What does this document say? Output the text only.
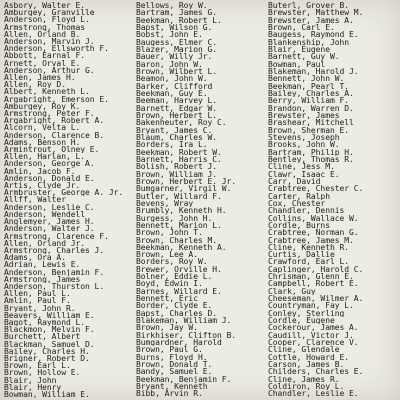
Asbory, Walter E.
Amburgey, Granville
Anderson, Floyd L.
Armstrong, Thomas
Allen, Orland B.
Anderson, Marvin J.
Anderson, Ellsworth F.
Abbott, Earnal F.
Arnett, Orval E.
Anderson, Arthur G.
Allen, James H.
Allen, Roy D.
Albert, Kenneth L.
Argabright, Emerson E.
Amburgey, Roy K.
Armstrong, Peter F.
Argabright, Robert A.
Alcorn, Velta L.
Anderson, Clarence B.
Adams, Benson H.
Armintrout, Olney E.
Allen, Harlan, L.
Anderson, George A.
Amlin, Jacob F.
Anderson, Donald E.
Artis, Clyde Jr.
Armbruster, George A. Jr.
Allff, Walter
Anderson, Leslie C.
Anderson, Wendell
Anglemyer, James H.
Anderson, Walter J.
Armstrong, Clarence F.
Allen, Orland Jr.
Armstrong, Charles J.
Adams, Ora A.
Adrian, Lewis E.
Anderson, Benjamin F.
Armstrong, James
Anderson, Thurston L.
Allen, Paul L.
Amlin, Paul F.
Bryant, John R.
Beavers, William E.
Bagot, Raymond L.
Blackmon, Melvin F.
Burchett, Albert
Blackman, Samuel D.
Bailey, Charles H.
Brigner, Robert D.
Brown, Earl L.
Brown, Hollow E.
Blair, John
Blair, Henry
Bowman, William E.
Bellows, Roy W.
Bartram, James G.
Beekman, Robert L.
Bapst, Wilson G.
Bobst, John E.
Baugess, Elmer C.
Blazer, Marion G.
Bauer, Willy Jr.
Baron, John W.
Brown, Wilbert L.
Beamon, John W.
Barker, Clifford
Beekman, Guy E.
Beeman, Harvey L.
Barnett, Edgar W.
Brown, Herbert L.
Bakenheuter, Roy C.
Bryant, James C.
Blaum, Charles W.
Borders, Ira L.
Beekman, Robert W.
Barnett, Harris C.
Bolish, Robert J.
Brown, William J.
Brown, Herbert E. Jr.
Bumgarner, Virgil W.
Butler, Willard F.
Bevens, Wray
Brumbly, Kenneth H.
Burgess, John H.
Bennett, Marion L.
Brown, John T.
Brown, Charles M.
Beekman, Kenneth A.
Brown, Lee A.
Borders, Roy W.
Brewer, Orville H.
Bolner, Eddie L.
Boyd, Edwin I.
Barnes, Willard E.
Bennett, Eric
Border, Clyde E.
Bapst, Charles D.
Blakeman, William J.
Brown, Jay W.
Birkhiser, Clifton B.
Bumgardner, Harold
Brown, Paul G.
Burns, Floyd H.
Brown, Donald T.
Bandy, Samuel E.
Beekman, Benjamin F.
Bryant, Kenneth
Bibb, Arvin R.
Buterl, Grover B.
Brewster, Matthew M.
Brewster, James A.
Brown, Carl E.
Baugess, Raymond E.
Blankenship, John
Blair, Eugene
Barnett, Guy W.
Bowman, Paul
Blakeman, Harold J.
Bennett, John W.
Beekman, Pearl T.
Bailey, Charles A.
Berry, William F.
Brandon, Warren D.
Brewster, James
Brashear, Mitchell
Brown, Sherman E.
Stevens, Joseph
Brooks, John W.
Bartram, Philip H.
Bentley, Thomas R.
Cline, Jess M.
Clawr, Isaac E.
Carr, David
Crabtree, Chester C.
Carter, Ralph
Cox, Chester
Chandler, Dennis
Collins, Wallace W.
Cordle, Burns
Crabtree, Norman G.
Crabtree, James M.
Cline, Kenneth R.
Curtis, Dallie
Crawford, Earl L.
Caplinger, Harold C.
Chrisman, Glenn E.
Campbell, Robert E.
Clark, Guy
Cheeseman, Wilmer A.
Countryman, Fay L.
Conley, Sterling
Cordle, Eugene
Cockerour, James A.
Caudill, Victor J.
Cooper, Clarence V.
Cline, Glendale
Cottle, Howard E.
Carson, James B.
Childers, Charles E.
Cline, James R.
Coldiron, Roy L.
Chandler, Leslie E.
